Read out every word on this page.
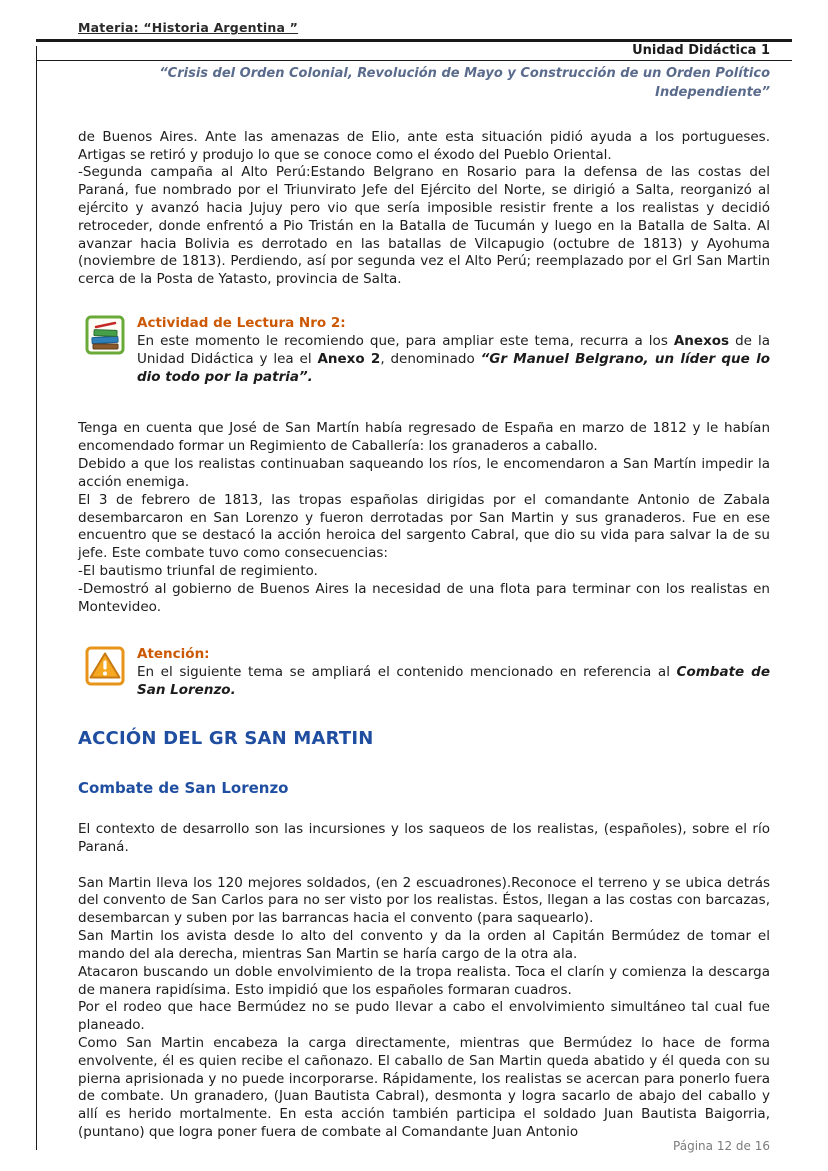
Materia: “Historia Argentina ”
Unidad Didáctica 1
“Crisis del Orden Colonial, Revolución de Mayo y Construcción de un Orden Político Independiente”

de Buenos Aires. Ante las amenazas de Elio, ante esta situación pidió ayuda a los portugueses. Artigas se retiró y produjo lo que se conoce como el éxodo del Pueblo Oriental.

-Segunda campaña al Alto Perú:Estando Belgrano en Rosario para la defensa de las costas del Paraná, fue nombrado por el Triunvirato Jefe del Ejército del Norte, se dirigió a Salta, reorganizó al ejército y avanzó hacia Jujuy pero vio que sería imposible resistir frente a los realistas y decidió retroceder, donde enfrentó a Pio Tristán en la Batalla de Tucumán y luego en la Batalla de Salta. Al avanzar hacia Bolivia es derrotado en las batallas de Vilcapugio (octubre de 1813) y Ayohuma (noviembre de 1813). Perdiendo, así por segunda vez el Alto Perú; reemplazado por el Grl San Martin cerca de la Posta de Yatasto, provincia de Salta.

Actividad de Lectura Nro 2:

En este momento le recomiendo que, para ampliar este tema, recurra a los Anexos de la Unidad Didáctica y lea el Anexo 2, denominado “Gr Manuel Belgrano, un líder que lo dio todo por la patria”.

Tenga en cuenta que José de San Martín había regresado de España en marzo de 1812 y le habían encomendado formar un Regimiento de Caballería: los granaderos a caballo.

Debido a que los realistas continuaban saqueando los ríos, le encomendaron a San Martín impedir la acción enemiga.

El 3 de febrero de 1813, las tropas españolas dirigidas por el comandante Antonio de Zabala desembarcaron en San Lorenzo y fueron derrotadas por San Martin y sus granaderos. Fue en ese encuentro que se destacó la acción heroica del sargento Cabral, que dio su vida para salvar la de su jefe. Este combate tuvo como consecuencias:

-El bautismo triunfal de regimiento.

-Demostró al gobierno de Buenos Aires la necesidad de una flota para terminar con los realistas en Montevideo.

Atención:

En el siguiente tema se ampliará el contenido mencionado en referencia al Combate de San Lorenzo.

ACCIÓN DEL GR SAN MARTIN
Combate de San Lorenzo

El contexto de desarrollo son las incursiones y los saqueos de los realistas, (españoles), sobre el río Paraná.

San Martin lleva los 120 mejores soldados, (en 2 escuadrones).Reconoce el terreno y se ubica detrás del convento de San Carlos para no ser visto por los realistas. Éstos, llegan a las costas con barcazas, desembarcan y suben por las barrancas hacia el convento (para saquearlo).

San Martin los avista desde lo alto del convento y da la orden al Capitán Bermúdez de tomar el mando del ala derecha, mientras San Martin se haría cargo de la otra ala.

Atacaron buscando un doble envolvimiento de la tropa realista. Toca el clarín y comienza la descarga de manera rapidísima. Esto impidió que los españoles formaran cuadros.

Por el rodeo que hace Bermúdez no se pudo llevar a cabo el envolvimiento simultáneo tal cual fue planeado.

Como San Martin encabeza la carga directamente, mientras que Bermúdez lo hace de forma envolvente, él es quien recibe el cañonazo. El caballo de San Martin queda abatido y él queda con su pierna aprisionada y no puede incorporarse. Rápidamente, los realistas se acercan para ponerlo fuera de combate. Un granadero, (Juan Bautista Cabral), desmonta y logra sacarlo de abajo del caballo y allí es herido mortalmente. En esta acción también participa el soldado Juan Bautista Baigorria, (puntano) que logra poner fuera de combate al Comandante Juan Antonio

Página 12 de 16
